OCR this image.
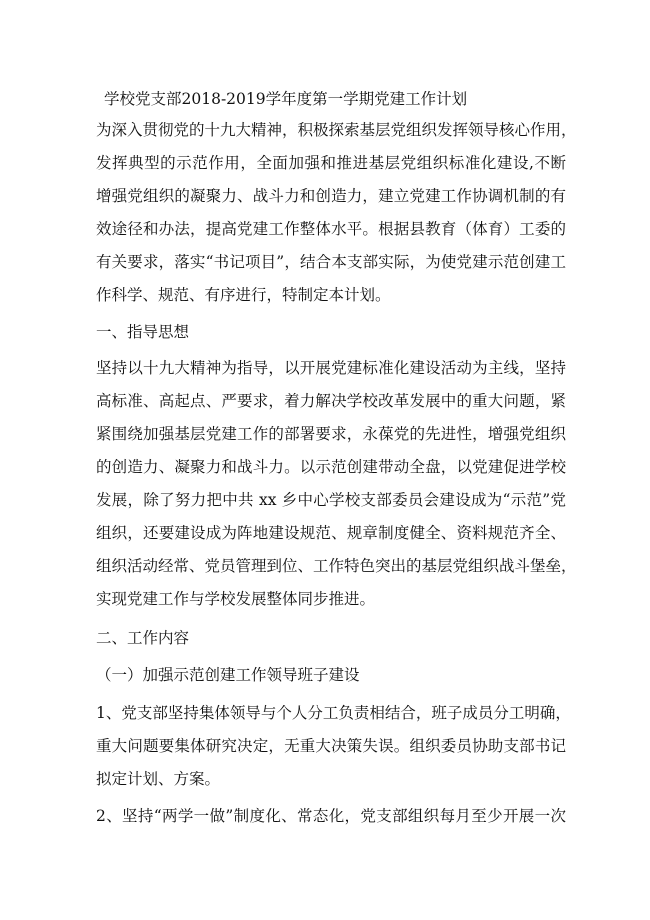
学校党支部2018-2019学年度第一学期党建工作计划
为深入贯彻党的十九大精神，积极探索基层党组织发挥领导核心作用，
发挥典型的示范作用，全面加强和推进基层党组织标准化建设,不断
增强党组织的凝聚力、战斗力和创造力，建立党建工作协调机制的有
效途径和办法，提高党建工作整体水平。根据县教育（体育）工委的
有关要求，落实“书记项目”，结合本支部实际，为使党建示范创建工
作科学、规范、有序进行，特制定本计划。
一、指导思想
坚持以十九大精神为指导，以开展党建标准化建设活动为主线，坚持
高标准、高起点、严要求，着力解决学校改革发展中的重大问题，紧
紧围绕加强基层党建工作的部署要求，永葆党的先进性，增强党组织
的创造力、凝聚力和战斗力。以示范创建带动全盘，以党建促进学校
发展，除了努力把中共 xx 乡中心学校支部委员会建设成为“示范”党
组织，还要建设成为阵地建设规范、规章制度健全、资料规范齐全、
组织活动经常、党员管理到位、工作特色突出的基层党组织战斗堡垒，
实现党建工作与学校发展整体同步推进。
二、工作内容
（一）加强示范创建工作领导班子建设
1、党支部坚持集体领导与个人分工负责相结合，班子成员分工明确，
重大问题要集体研究决定，无重大决策失误。组织委员协助支部书记
拟定计划、方案。
2、坚持“两学一做”制度化、常态化，党支部组织每月至少开展一次
